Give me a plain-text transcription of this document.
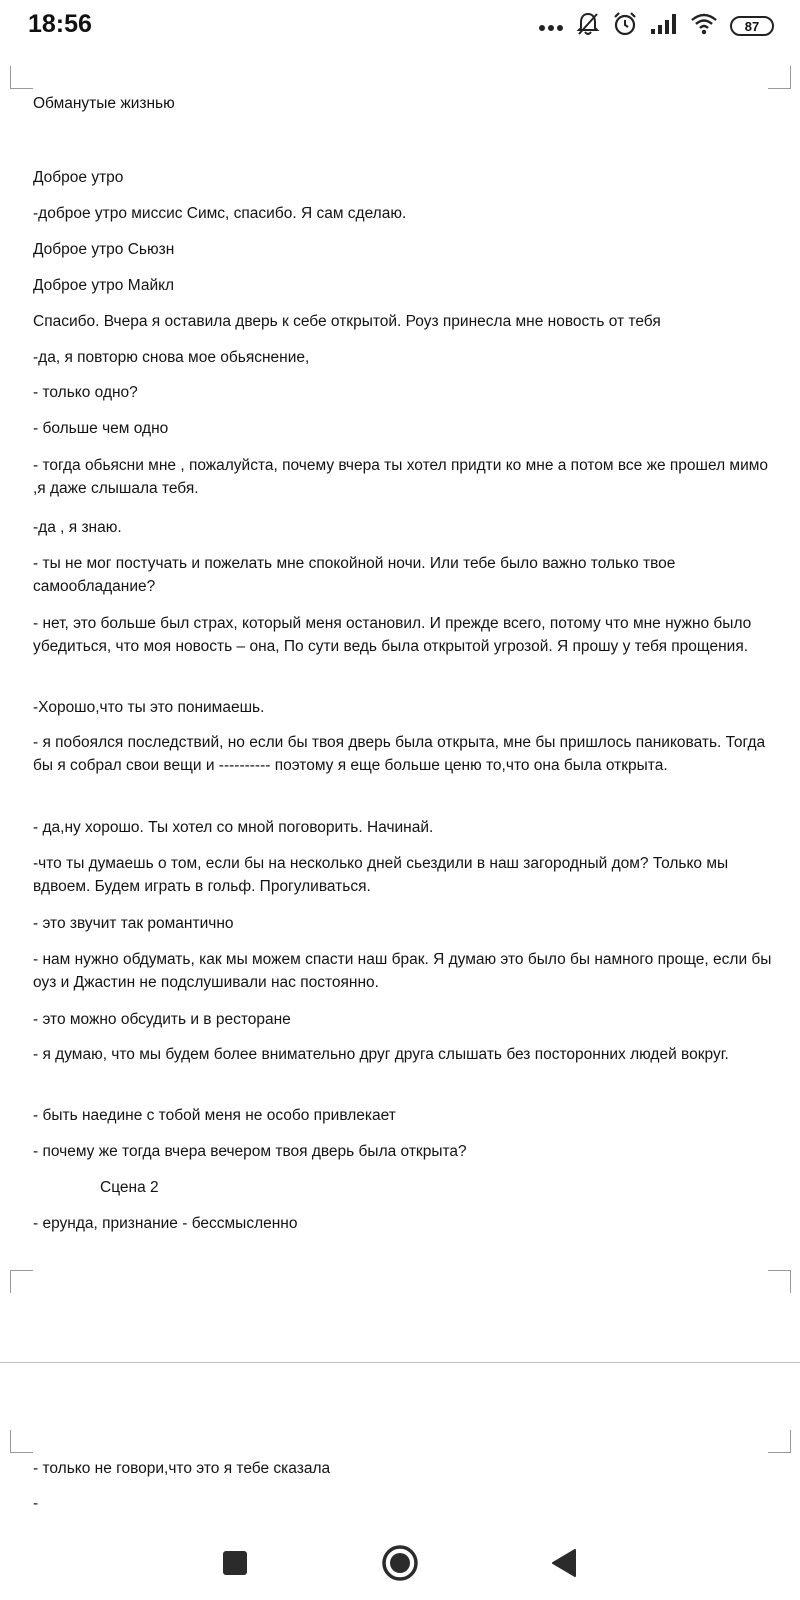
18:56	87

Обманутые жизнью

Доброе утро

-доброе утро миссис Симс, спасибо. Я сам сделаю.

Доброе утро Сьюзн

Доброе утро Майкл

Спасибо. Вчера я оставила дверь к себе открытой. Роуз принесла мне новость от тебя

-да, я повторю снова мое обьяснение,

- только одно?

- больше чем одно

- тогда обьясни мне , пожалуйста, почему вчера ты хотел придти ко мне а потом все же прошел мимо ,я даже слышала тебя.

-да , я знаю.

- ты не мог постучать и пожелать мне спокойной ночи. Или тебе было важно только твое самообладание?

- нет, это больше был страх, который меня остановил. И прежде всего, потому что мне нужно было убедиться, что моя новость – она, По сути ведь была открытой угрозой. Я прошу у тебя прощения.

-Хорошо,что ты это понимаешь.

- я побоялся последствий, но если бы твоя дверь была открыта, мне бы пришлось паниковать. Тогда бы я собрал свои вещи и ---------- поэтому я еще больше ценю то,что она была открыта.

- да,ну хорошо. Ты хотел со мной поговорить. Начинай.

-что ты думаешь о том, если бы на несколько дней сьездили в наш загородный дом? Только мы вдвоем. Будем играть в гольф. Прогуливаться.

- это звучит так романтично

- нам нужно обдумать, как мы можем спасти наш брак. Я думаю это было бы намного проще, если бы оуз и Джастин не подслушивали нас постоянно.

- это можно обсудить и в ресторане

- я думаю, что мы будем более внимательно друг друга слышать без посторонних людей вокруг.

- быть наедине с тобой меня не особо привлекает

- почему же тогда вчера вечером твоя дверь была открыта?

Сцена 2

- ерунда, признание - бессмысленно

- только не говори,что это я тебе сказала

-
